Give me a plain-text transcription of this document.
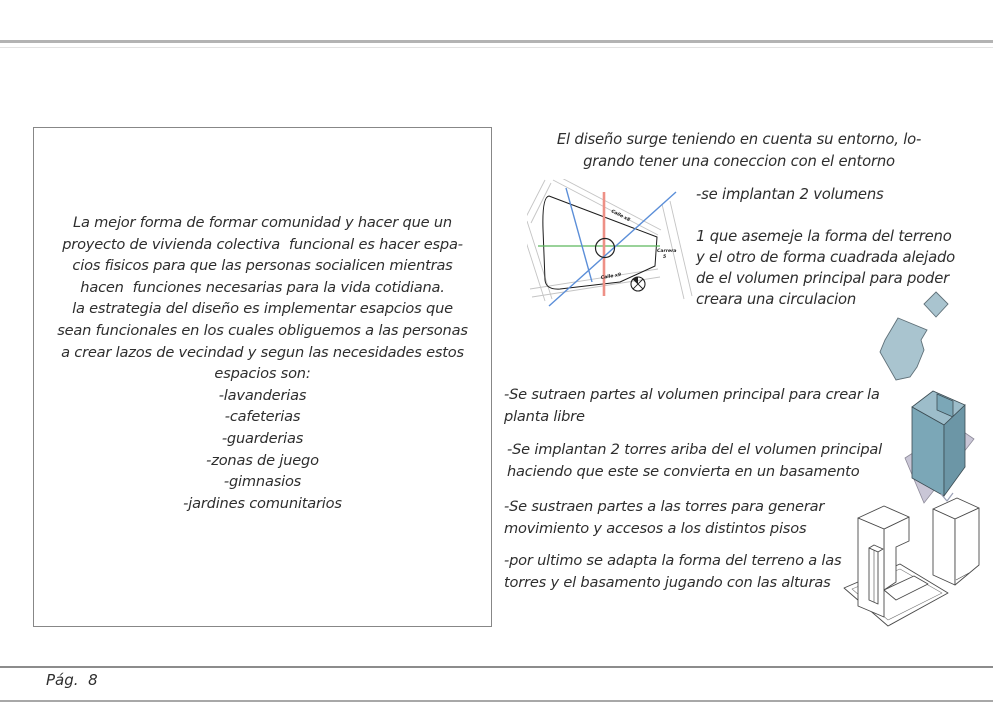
La mejor forma de formar comunidad y hacer que un
proyecto de vivienda colectiva  funcional es hacer espa-
cios fisicos para que las personas socialicen mientras
hacen  funciones necesarias para la vida cotidiana.
la estrategia del diseño es implementar esapcios que
sean funcionales en los cuales obliguemos a las personas
a crear lazos de vecindad y segun las necesidades estos
espacios son:
-lavanderias
-cafeterias
-guarderias
-zonas de juego
-gimnasios
-jardines comunitarios
El diseño surge teniendo en cuenta su entorno, lo-
grando tener una coneccion con el entorno
Calle x8
Carrera
5
Calle x9
-se implantan 2 volumens
1 que asemeje la forma del terreno
y el otro de forma cuadrada alejado
de el volumen principal para poder
creara una circulacion
-Se sutraen partes al volumen principal para crear la
planta libre
-Se implantan 2 torres ariba del el volumen principal
haciendo que este se convierta en un basamento
-Se sustraen partes a las torres para generar
movimiento y accesos a los distintos pisos
-por ultimo se adapta la forma del terreno a las
torres y el basamento jugando con las alturas
Pág.  8
